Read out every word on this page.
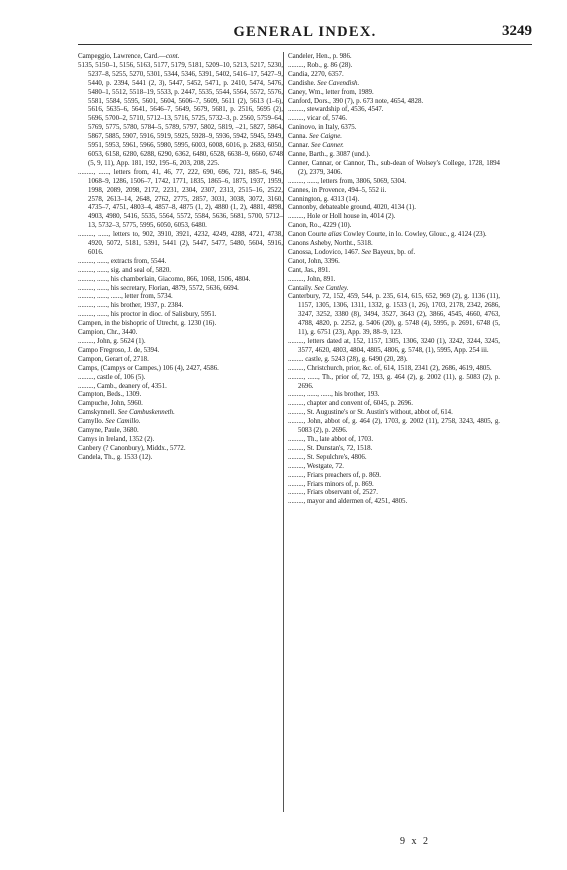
GENERAL INDEX.	3249

Campeggio, Lawrence, Card.—cont.

5135, 5150–1, 5156, 5163, 5177, 5179, 5181, 5209–10, 5213, 5217, 5230, 5237–8, 5255, 5270, 5301, 5344, 5346, 5391, 5402, 5416–17, 5427–9, 5440, p. 2394, 5441 (2, 3), 5447, 5452, 5471, p. 2410, 5474, 5476, 5480–1, 5512, 5518–19, 5533, p. 2447, 5535, 5544, 5564, 5572, 5576, 5581, 5584, 5595, 5601, 5604, 5606–7, 5609, 5611 (2), 5613 (1–6), 5616, 5635–6, 5641, 5646–7, 5649, 5679, 5681, p. 2516, 5695 (2), 5696, 5700–2, 5710, 5712–13, 5716, 5725, 5732–3, p. 2560, 5759–64, 5769, 5775, 5780, 5784–5, 5789, 5797, 5802, 5819, –21, 5827, 5864, 5867, 5885, 5907, 5916, 5919, 5925, 5928–9, 5936, 5942, 5945, 5949, 5951, 5953, 5961, 5966, 5980, 5995, 6003, 6008, 6016, p. 2683, 6050, 6053, 6158, 6280, 6288, 6290, 6362, 6480, 6528, 6638–9, 6660, 6748 (5, 9, 11), App. 181, 192, 195–6, 203, 208, 225.

........., ......, letters from, 41, 46, 77, 222, 690, 696, 721, 885–6, 946, 1068–9, 1286, 1506–7, 1742, 1771, 1835, 1865–6, 1875, 1937, 1959, 1998, 2089, 2098, 2172, 2231, 2304, 2307, 2313, 2515–16, 2522, 2578, 2613–14, 2648, 2762, 2775, 2857, 3031, 3038, 3072, 3160, 4735–7, 4751, 4803–4, 4857–8, 4875 (1, 2), 4880 (1, 2), 4881, 4898, 4903, 4980, 5416, 5535, 5564, 5572, 5584, 5636, 5681, 5700, 5712–13, 5732–3, 5775, 5995, 6050, 6053, 6480.

........., ......, letters to, 902, 3910, 3921, 4232, 4249, 4288, 4721, 4738, 4920, 5072, 5181, 5391, 5441 (2), 5447, 5477, 5480, 5604, 5916, 6016.

........., ......, extracts from, 5544.

........., ......, sig. and seal of, 5820.

........., ......, his chamberlain, Giacomo, 866, 1068, 1506, 4804.

........., ......, his secretary, Florian, 4879, 5572, 5636, 6694.

........., ......, ......, letter from, 5734.

........., ......, his brother, 1937, p. 2384.

........., ......, his proctor in dioc. of Salisbury, 5951.

Campen, in the bishopric of Utrecht, g. 1230 (16).

Campion, Chr., 3440.

........., John, g. 5624 (1).

Campo Fregroso, J. de, 5394.

Campon, Gerart of, 2718.

Camps, (Campys or Campes,) 106 (4), 2427, 4586.

........., castle of, 106 (5).

........., Camb., deanery of, 4351.

Campton, Beds., 1309.

Campuche, John, 5960.

Camskynnell. See Cambuskenneth.

Camyllo. See Camillo.

Camyne, Paule, 3680.

Camys in Ireland, 1352 (2).

Canbery (? Canonbury), Middx., 5772.

Candela, Th., g. 1533 (12).

Candeler, Hen., p. 986.

........., Rob., g. 86 (28).

Candia, 2270, 6357.

Candishe. See Cavendish.

Caney, Wm., letter from, 1989.

Canford, Dors., 390 (7), p. 673 note, 4654, 4828.

........., stewardship of, 4536, 4547.

........., vicar of, 5746.

Caninovo, in Italy, 6375.

Canna. See Caigne.

Cannar. See Canner.

Canne, Barth., g. 3087 (und.).

Canner, Cannar, or Cannor, Th., sub-dean of Wolsey's College, 1728, 1894 (2), 2379, 3406.

........., ......, letters from, 3806, 5069, 5304.

Cannes, in Provence, 494–5, 552 ii.

Cannington, g. 4313 (14).

Cannonby, debateable ground, 4020, 4134 (1).

........., Hole or Holl house in, 4014 (2).

Canon, Ro., 4229 (10).

Canon Courte alias Cowley Courte, in lo. Cowley, Glouc., g. 4124 (23).

Canons Asheby, Northt., 5318.

Canossa, Lodovico, 1467. See Bayeux, bp. of.

Canot, John, 3396.

Cant, Jas., 891.

........., John, 891.

Cantaily. See Cantley.

Canterbury, 72, 152, 459, 544, p. 235, 614, 615, 652, 969 (2), g. 1136 (11), 1157, 1305, 1306, 1311, 1332, g. 1533 (1, 26), 1703, 2178, 2342, 2686, 3247, 3252, 3380 (8), 3494, 3527, 3643 (2), 3866, 4545, 4660, 4763, 4788, 4820, p. 2252, g. 5406 (20), g. 5748 (4), 5995, p. 2691, 6748 (5, 11), g. 6751 (23), App. 39, 88–9, 123.

........., letters dated at, 152, 1157, 1305, 1306, 3240 (1), 3242, 3244, 3245, 3577, 4620, 4803, 4804, 4805, 4806, g. 5748, (1), 5995, App. 254 iii.

......... castle, g. 5243 (28), g. 6490 (20, 28).

........., Christchurch, prior, &c. of, 614, 1518, 2341 (2), 2686, 4619, 4805.

........., ......, Th., prior of, 72, 193, g. 464 (2), g. 2002 (11), g. 5083 (2), p. 2696.

........., ......, ......, his brother, 193.

........., chapter and convent of, 6045, p. 2696.

........., St. Augustine's or St. Austin's without, abbot of, 614.

........., John, abbot of, g. 464 (2), 1703, g. 2002 (11), 2758, 3243, 4805, g. 5083 (2), p. 2696.

........., Th., late abbot of, 1703.

........., St. Dunstan's, 72, 1518.

........., St. Sepulchre's, 4806.

........., Westgate, 72.

........., Friars preachers of, p. 869.

........., Friars minors of, p. 869.

........., Friars observant of, 2527.

........., mayor and aldermen of, 4251, 4805.

9 x 2
